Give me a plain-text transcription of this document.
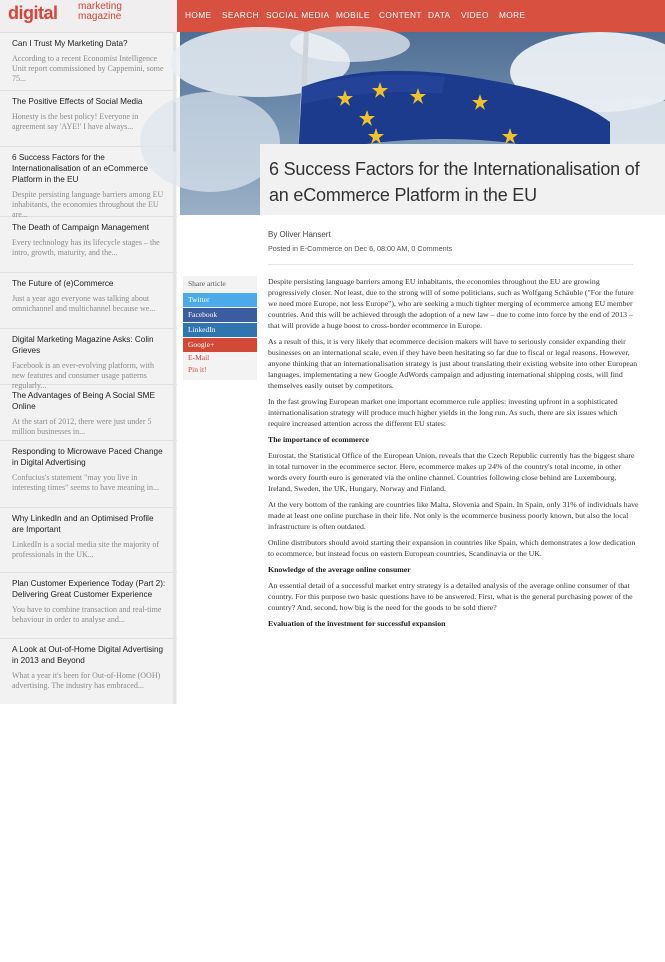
digital marketing
magazine
Can I Trust My Marketing Data?
According to a recent Economist Intelligence Unit report commissioned by Cappemini, some 75...
The Positive Effects of Social Media
Honesty is the best policy! Everyone in agreement say 'AYE!' I have always...
6 Success Factors for the Internationalisation of an eCommerce Platform in the EU
Despite persisting language barriers among EU inhabitants, the economies throughout the EU are...
The Death of Campaign Management
Every technology has its lifecycle stages – the intro, growth, maturity, and the...
The Future of (e)Commerce
Just a year ago everyone was talking about omnichannel and multichannel because we...
Digital Marketing Magazine Asks: Colin Grieves
Facebook is an ever-evolving platform, with new features and consumer usage patterns regularly...
The Advantages of Being A Social SME Online
At the start of 2012, there were just under 5 million businesses in...
Responding to Microwave Paced Change in Digital Advertising
Confucius's statement "may you live in interesting times" seems to have meaning in...
Why LinkedIn and an Optimised Profile are Important
LinkedIn is a social media site the majority of professionals in the UK...
Plan Customer Experience Today (Part 2): Delivering Great Customer Experience
You have to combine transaction and real-time behaviour in order to analyse and...
A Look at Out-of-Home Digital Advertising in 2013 and Beyond
What a year it's been for Out-of-Home (OOH) advertising. The industry has embraced...
HOME SEARCH SOCIAL MEDIA MOBILE CONTENT DATA VIDEO MORE
6 Success Factors for the Internationalisation of an eCommerce Platform in the EU
By Oliver Hansert
Posted in E-Commerce on Dec 6, 08:00 AM, 0 Comments
Share article
Twitter
Facebook
LinkedIn
Google+
E-Mail
Pin it!

Despite persisting language barriers among EU inhabitants, the economies throughout the EU are growing progressively closer. Not least, due to the strong will of some politicians, such as Wolfgang Schäuble ("For the future we need more Europe, not less Europe"), who are seeking a much tighter merging of ecommerce among EU member countries. And this will be achieved through the adoption of a new law – due to come into force by the end of 2013 – that will provide a huge boost to cross-border ecommerce in Europe.

As a result of this, it is very likely that ecommerce decision makers will have to seriously consider expanding their businesses on an international scale, even if they have been hesitating so far due to fiscal or legal reasons. However, anyone thinking that an internationalisation strategy is just about translating their existing website into other European languages, implementating a new Google AdWords campaign and adjusting international shipping costs, will find themselves easily outset by competitors.

In the fast growing European market one important ecommerce rule applies: investing upfront in a sophisticated internationalisation strategy will produce much higher yields in the long run. As such, there are six issues which require increased attention across the different EU states:

The importance of ecommerce

Eurostat, the Statistical Office of the European Union, reveals that the Czech Republic currently has the biggest share in total turnover in the ecommerce sector. Here, ecommerce makes up 24% of the country's total income, in other words every fourth euro is generated via the online channel. Countries following close behind are Luxembourg, Ireland, Sweden, the UK, Hungary, Norway and Finland.

At the very bottom of the ranking are countries like Malta, Slovenia and Spain. In Spain, only 31% of individuals have made at least one online purchase in their life. Not only is the ecommerce business poorly known, but also the local infrastructure is often outdated.

Online distributors should avoid starting their expansion in countries like Spain, which demonstrates a low dedication to ecommerce, but instead focus on eastern European countries, Scandinavia or the UK.

Knowledge of the average online consumer

An essential detail of a successful market entry strategy is a detailed analysis of the average online consumer of that country. For this purpose two basic questions have to be answered. First, what is the general purchasing power of the country? And, second, how big is the need for the goods to be sold there?

Evaluation of the investment for successful expansion
